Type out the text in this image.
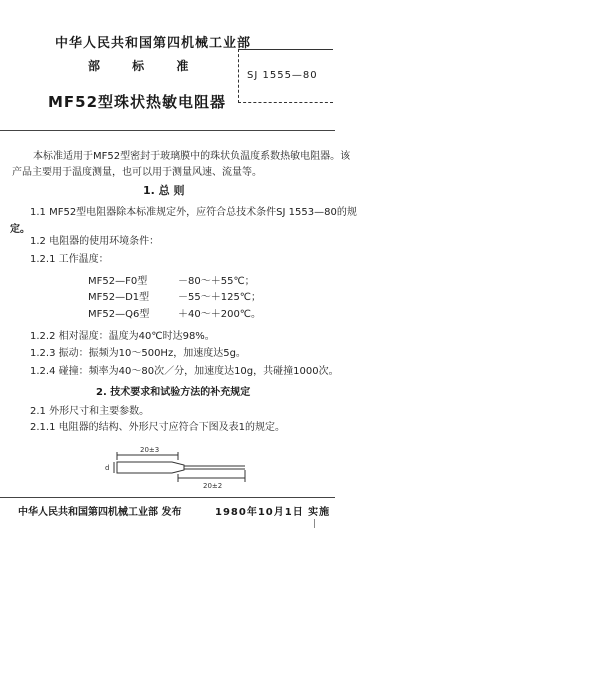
中华人民共和国第四机械工业部
部 标 准
MF52型珠状热敏电阻器
SJ 1555—80
本标准适用于MF52型密封于玻璃膜中的珠状负温度系数热敏电阻器。该
产品主要用于温度测量，也可以用于测量风速、流量等。
1. 总 则
1.1 MF52型电阻器除本标准规定外，应符合总技术条件SJ 1553—80的规
定。
1.2 电阻器的使用环境条件：
1.2.1 工作温度：
MF52—F0型	－80～＋55℃；
MF52—D1型	－55～＋125℃；
MF52—Q6型	＋40～＋200℃。
1.2.2 相对湿度：温度为40℃时达98%。
1.2.3 振动：振频为10～500Hz，加速度达5g。
1.2.4 碰撞：频率为40～80次／分，加速度达10g，共碰撞1000次。
2. 技术要求和试验方法的补充规定
2.1 外形尺寸和主要参数。
2.1.1 电阻器的结构、外形尺寸应符合下图及表1的规定。
20±3
20±2
d
中华人民共和国第四机械工业部 发布	1980年10月1日 实施
|
